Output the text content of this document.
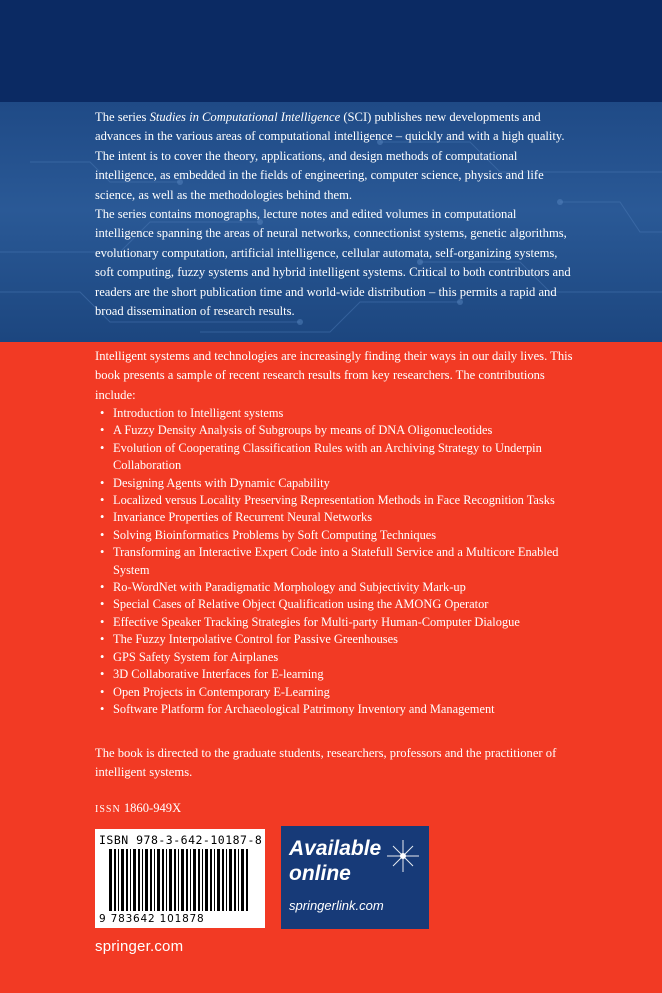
The series Studies in Computational Intelligence (SCI) publishes new developments and advances in the various areas of computational intelligence – quickly and with a high quality. The intent is to cover the theory, applications, and design methods of computational intelligence, as embedded in the fields of engineering, computer science, physics and life science, as well as the methodologies behind them.

The series contains monographs, lecture notes and edited volumes in computational intelligence spanning the areas of neural networks, connectionist systems, genetic algorithms, evolutionary computation, artificial intelligence, cellular automata, self-organizing systems, soft computing, fuzzy systems and hybrid intelligent systems. Critical to both contributors and readers are the short publication time and world-wide distribution – this permits a rapid and broad dissemination of research results.

Intelligent systems and technologies are increasingly finding their ways in our daily lives. This book presents a sample of recent research results from key researchers. The contributions include:
• Introduction to Intelligent systems
• A Fuzzy Density Analysis of Subgroups by means of DNA Oligonucleotides
• Evolution of Cooperating Classification Rules with an Archiving Strategy to Underpin Collaboration
• Designing Agents with Dynamic Capability
• Localized versus Locality Preserving Representation Methods in Face Recognition Tasks
• Invariance Properties of Recurrent Neural Networks
• Solving Bioinformatics Problems by Soft Computing Techniques
• Transforming an Interactive Expert Code into a Statefull Service and a Multicore Enabled System
• Ro-WordNet with Paradigmatic Morphology and Subjectivity Mark-up
• Special Cases of Relative Object Qualification using the AMONG Operator
• Effective Speaker Tracking Strategies for Multi-party Human-Computer Dialogue
• The Fuzzy Interpolative Control for Passive Greenhouses
• GPS Safety System for Airplanes
• 3D Collaborative Interfaces for E-learning
• Open Projects in Contemporary E-Learning
• Software Platform for Archaeological Patrimony Inventory and Management
The book is directed to the graduate students, researchers, professors and the practitioner of intelligent systems.
ISSN 1860-949X
ISBN 978-3-642-10187-8
9 783642 101878
Available
online
springerlink.com
springer.com
